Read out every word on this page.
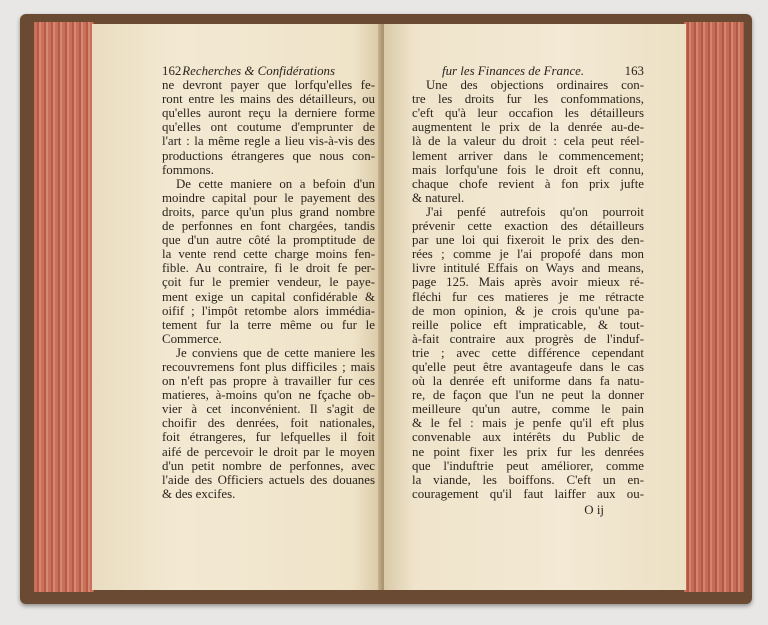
162 Recherches & Confidérations
ne devront payer que lorfqu'elles fe-
ront entre les mains des détailleurs, ou
qu'elles auront reçu la derniere forme
qu'elles ont coutume d'emprunter de
l'art : la même regle a lieu vis-à-vis des
productions étrangeres que nous con-
fommons.
De cette maniere on a befoin d'un
moindre capital pour le payement des
droits, parce qu'un plus grand nombre
de perfonnes en font chargées, tandis
que d'un autre côté la promptitude de
la vente rend cette charge moins fen-
fible. Au contraire, fi le droit fe per-
çoit fur le premier vendeur, le paye-
ment exige un capital confidérable &
oifif ; l'impôt retombe alors immédia-
tement fur la terre même ou fur le
Commerce.
Je conviens que de cette maniere les
recouvremens font plus difficiles ; mais
on n'eft pas propre à travailler fur ces
matieres, à-moins qu'on ne fçache ob-
vier à cet inconvénient. Il s'agit de
choifir des denrées, foit nationales,
foit étrangeres, fur lefquelles il foit
aifé de percevoir le droit par le moyen
d'un petit nombre de perfonnes, avec
l'aide des Officiers actuels des douanes
& des excifes.
fur les Finances de France.	163
Une des objections ordinaires con-
tre les droits fur les confommations,
c'eft qu'à leur occafion les détailleurs
augmentent le prix de la denrée au-de-
là de la valeur du droit : cela peut réel-
lement arriver dans le commencement;
mais lorfqu'une fois le droit eft connu,
chaque chofe revient à fon prix jufte
& naturel.
J'ai penfé autrefois qu'on pourroit
prévenir cette exaction des détailleurs
par une loi qui fixeroit le prix des den-
rées ; comme je l'ai propofé dans mon
livre intitulé Effais on Ways and means,
page 125. Mais après avoir mieux ré-
fléchi fur ces matieres je me rétracte
de mon opinion, & je crois qu'une pa-
reille police eft impraticable, & tout-
à-fait contraire aux progrès de l'induf-
trie ; avec cette différence cependant
qu'elle peut être avantageufe dans le cas
où la denrée eft uniforme dans fa natu-
re, de façon que l'un ne peut la donner
meilleure qu'un autre, comme le pain
& le fel : mais je penfe qu'il eft plus
convenable aux intérêts du Public de
ne point fixer les prix fur les denrées
que l'induftrie peut améliorer, comme
la viande, les boiffons. C'eft un en-
couragement qu'il faut laiffer aux ou-
O ij
